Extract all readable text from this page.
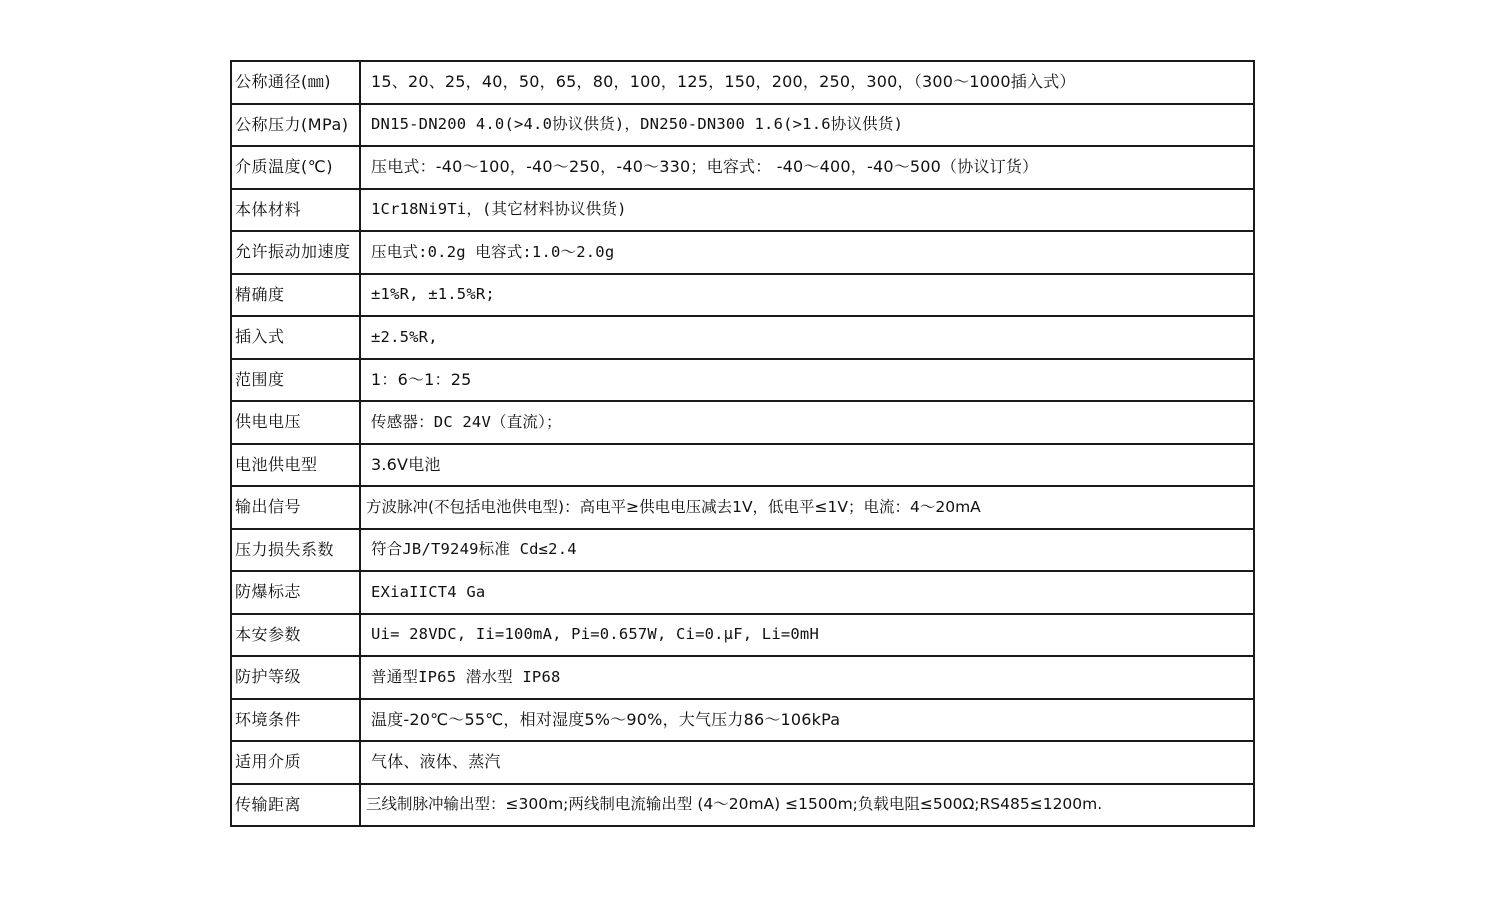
公称通径(㎜)	15、20、25，40，50，65，80，100，125，150，200，250，300，（300～1000插入式）
公称压力(MPa)	DN15-DN200 4.0(>4.0协议供货)，DN250-DN300 1.6(>1.6协议供货)
介质温度(℃)	压电式：-40～100，-40～250，-40～330；电容式： -40～400，-40～500（协议订货）
本体材料	1Cr18Ni9Ti，(其它材料协议供货)
允许振动加速度	压电式:0.2g 电容式:1.0～2.0g
精确度	±1%R, ±1.5%R;
插入式	±2.5%R,
范围度	1：6～1：25
供电电压	传感器：DC 24V（直流）；
电池供电型	3.6V电池
输出信号	方波脉冲(不包括电池供电型)：高电平≥供电电压减去1V，低电平≤1V；电流：4～20mA
压力损失系数	符合JB/T9249标准 Cd≤2.4
防爆标志	EXiaIICT4 Ga
本安参数	Ui= 28VDC, Ii=100mA, Pi=0.657W, Ci=0.μF, Li=0mH
防护等级	普通型IP65 潜水型 IP68
环境条件	温度-20℃～55℃，相对湿度5%～90%，大气压力86～106kPa
适用介质	气体、液体、蒸汽
传输距离	三线制脉冲输出型：≤300m;两线制电流输出型 (4～20mA) ≤1500m;负载电阻≤500Ω;RS485≤1200m.
